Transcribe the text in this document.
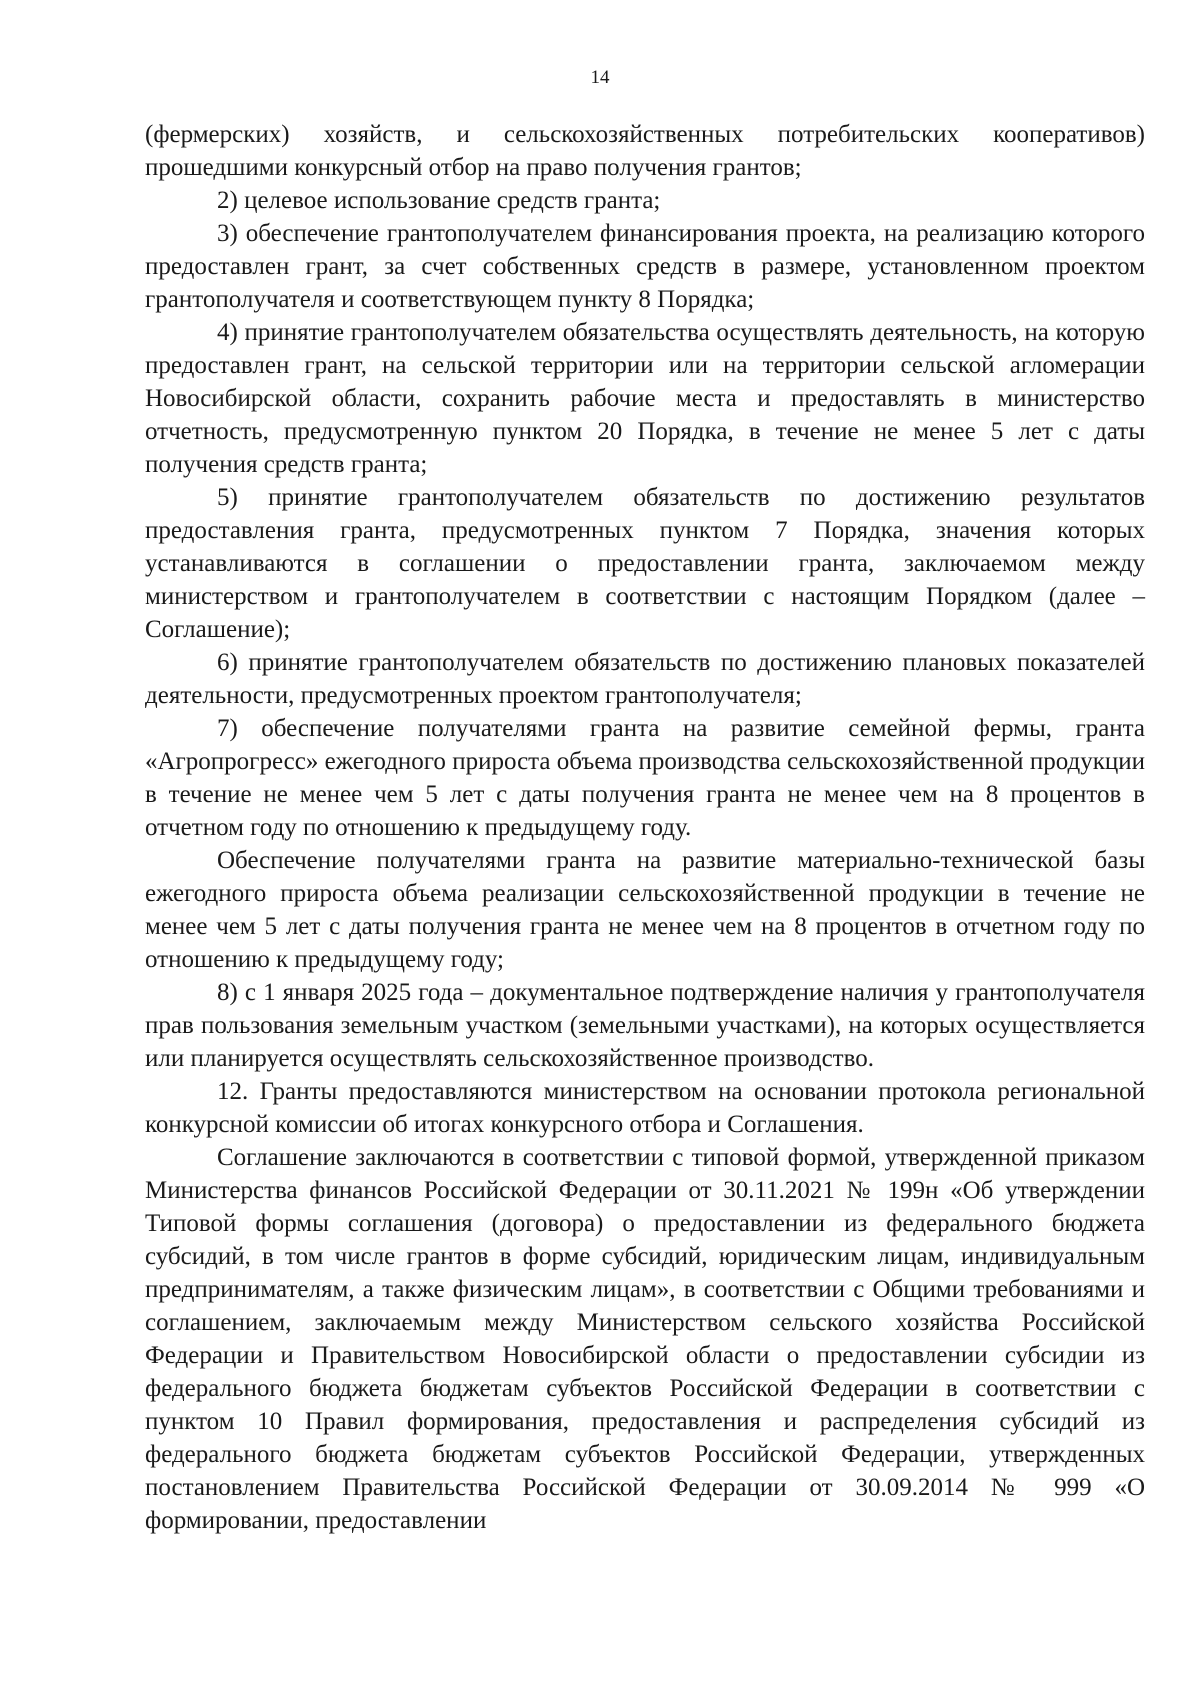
14

(фермерских) хозяйств, и сельскохозяйственных потребительских кооперативов) прошедшими конкурсный отбор на право получения грантов;

2) целевое использование средств гранта;

3) обеспечение грантополучателем финансирования проекта, на реализацию которого предоставлен грант, за счет собственных средств в размере, установленном проектом грантополучателя и соответствующем пункту 8 Порядка;

4) принятие грантополучателем обязательства осуществлять деятельность, на которую предоставлен грант, на сельской территории или на территории сельской агломерации Новосибирской области, сохранить рабочие места и предоставлять в министерство отчетность, предусмотренную пунктом 20 Порядка, в течение не менее 5 лет с даты получения средств гранта;

5) принятие грантополучателем обязательств по достижению результатов предоставления гранта, предусмотренных пунктом 7 Порядка, значения которых устанавливаются в соглашении о предоставлении гранта, заключаемом между министерством и грантополучателем в соответствии с настоящим Порядком (далее – Соглашение);

6) принятие грантополучателем обязательств по достижению плановых показателей деятельности, предусмотренных проектом грантополучателя;

7) обеспечение получателями гранта на развитие семейной фермы, гранта «Агропрогресс» ежегодного прироста объема производства сельскохозяйственной продукции в течение не менее чем 5 лет с даты получения гранта не менее чем на 8 процентов в отчетном году по отношению к предыдущему году.

Обеспечение получателями гранта на развитие материально-технической базы ежегодного прироста объема реализации сельскохозяйственной продукции в течение не менее чем 5 лет с даты получения гранта не менее чем на 8 процентов в отчетном году по отношению к предыдущему году;

8) с 1 января 2025 года – документальное подтверждение наличия у грантополучателя прав пользования земельным участком (земельными участками), на которых осуществляется или планируется осуществлять сельскохозяйственное производство.

12. Гранты предоставляются министерством на основании протокола региональной конкурсной комиссии об итогах конкурсного отбора и Соглашения.

Соглашение заключаются в соответствии с типовой формой, утвержденной приказом Министерства финансов Российской Федерации от 30.11.2021 № 199н «Об утверждении Типовой формы соглашения (договора) о предоставлении из федерального бюджета субсидий, в том числе грантов в форме субсидий, юридическим лицам, индивидуальным предпринимателям, а также физическим лицам», в соответствии с Общими требованиями и соглашением, заключаемым между Министерством сельского хозяйства Российской Федерации и Правительством Новосибирской области о предоставлении субсидии из федерального бюджета бюджетам субъектов Российской Федерации в соответствии с пунктом 10 Правил формирования, предоставления и распределения субсидий из федерального бюджета бюджетам субъектов Российской Федерации, утвержденных постановлением Правительства Российской Федерации от 30.09.2014 № 999 «О формировании, предоставлении
